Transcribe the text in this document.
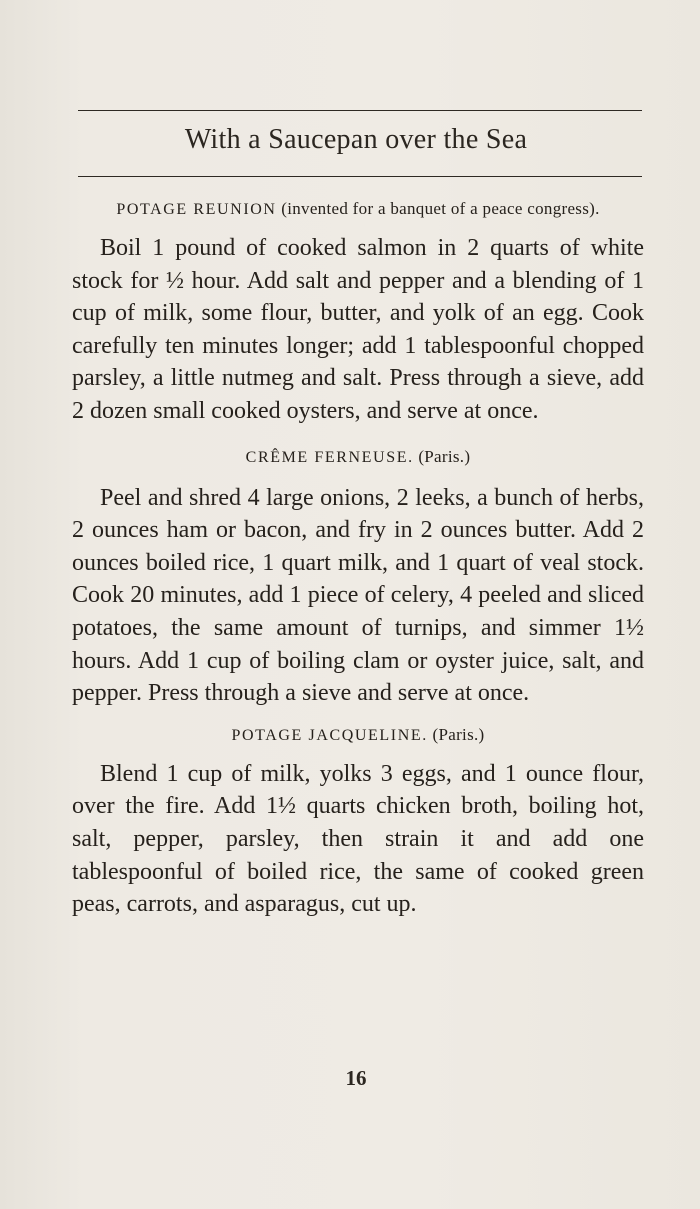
With a Saucepan over the Sea

POTAGE REUNION (invented for a banquet of a peace congress).

Boil 1 pound of cooked salmon in 2 quarts of white stock for ½ hour. Add salt and pepper and a blending of 1 cup of milk, some flour, butter, and yolk of an egg. Cook carefully ten minutes longer; add 1 tablespoonful chopped parsley, a little nutmeg and salt. Press through a sieve, add 2 dozen small cooked oysters, and serve at once.

CRÊME FERNEUSE. (Paris.)

Peel and shred 4 large onions, 2 leeks, a bunch of herbs, 2 ounces ham or bacon, and fry in 2 ounces butter. Add 2 ounces boiled rice, 1 quart milk, and 1 quart of veal stock. Cook 20 minutes, add 1 piece of celery, 4 peeled and sliced potatoes, the same amount of turnips, and simmer 1½ hours. Add 1 cup of boiling clam or oyster juice, salt, and pepper. Press through a sieve and serve at once.

POTAGE JACQUELINE. (Paris.)

Blend 1 cup of milk, yolks 3 eggs, and 1 ounce flour, over the fire. Add 1½ quarts chicken broth, boiling hot, salt, pepper, parsley, then strain it and add one tablespoonful of boiled rice, the same of cooked green peas, carrots, and asparagus, cut up.

16
